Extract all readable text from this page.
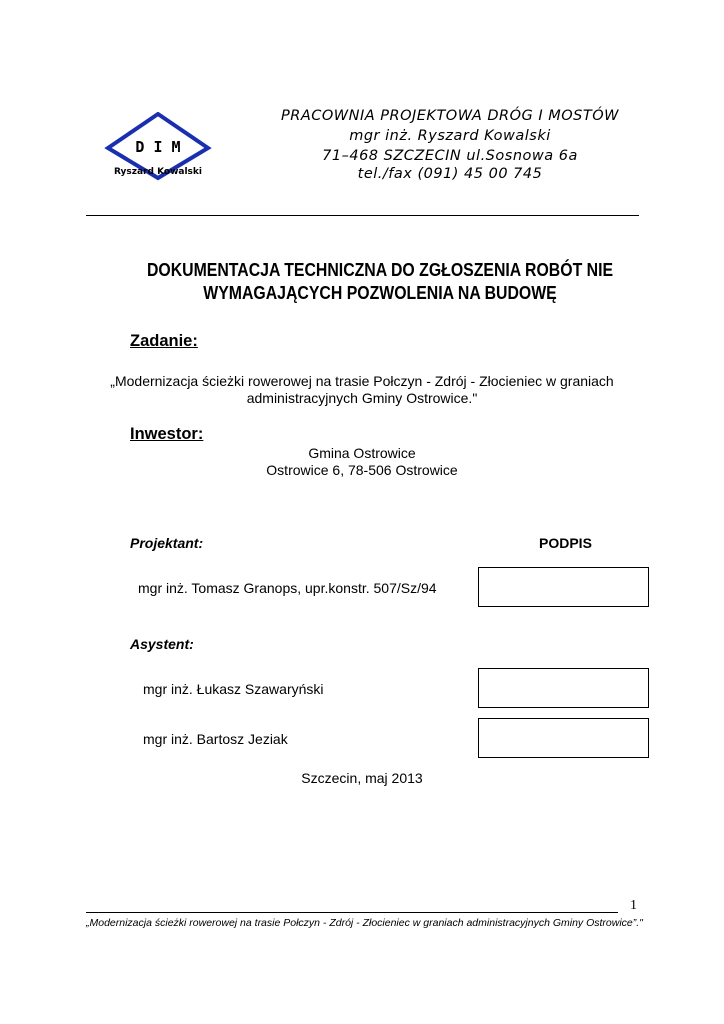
D I M
Ryszard Kowalski
PRACOWNIA PROJEKTOWA DRÓG I MOSTÓW
mgr inż. Ryszard Kowalski
71–468 SZCZECIN ul.Sosnowa 6a
tel./fax (091) 45 00 745
DOKUMENTACJA TECHNICZNA DO ZGŁOSZENIA ROBÓT NIE
WYMAGAJĄCYCH POZWOLENIA NA BUDOWĘ
Zadanie:
„Modernizacja ścieżki rowerowej na trasie Połczyn - Zdrój - Złocieniec w graniach
administracyjnych Gminy Ostrowice."
Inwestor:
Gmina Ostrowice
Ostrowice 6, 78-506 Ostrowice
Projektant:	PODPIS
mgr inż. Tomasz Granops, upr.konstr. 507/Sz/94
Asystent:
mgr inż. Łukasz Szawaryński
mgr inż. Bartosz Jeziak
Szczecin, maj 2013
1
„Modernizacja ścieżki rowerowej na trasie Połczyn - Zdrój - Złocieniec w graniach administracyjnych Gminy Ostrowice”."
